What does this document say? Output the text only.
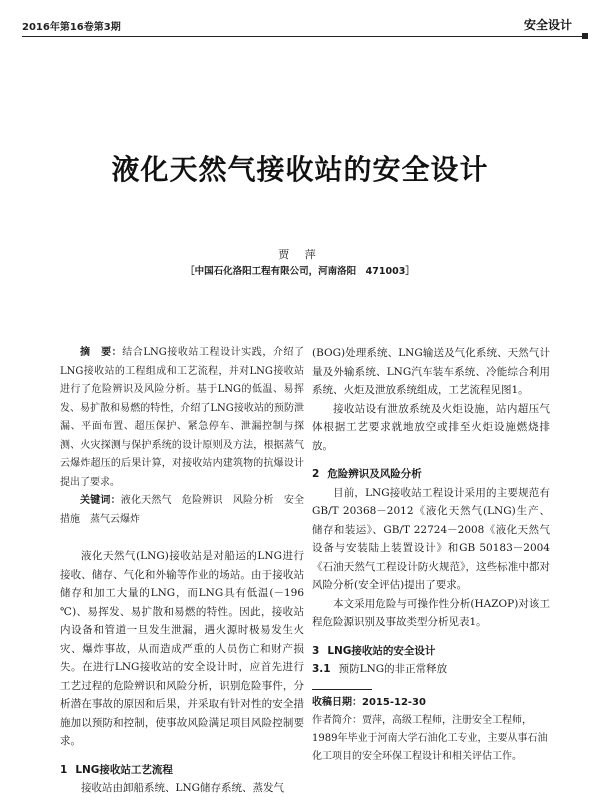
2016年第16卷第3期	安全设计
液化天然气接收站的安全设计
贾 萍
［中国石化洛阳工程有限公司，河南洛阳　471003］

摘　要：结合LNG接收站工程设计实践，介绍了LNG接收站的工程组成和工艺流程，并对LNG接收站进行了危险辨识及风险分析。基于LNG的低温、易挥发、易扩散和易燃的特性，介绍了LNG接收站的预防泄漏、平面布置、超压保护、紧急停车、泄漏控制与探测、火灾探测与保护系统的设计原则及方法，根据蒸气云爆炸超压的后果计算，对接收站内建筑物的抗爆设计提出了要求。

关键词：液化天然气　危险辨识　风险分析　安全措施　蒸气云爆炸

液化天然气(LNG)接收站是对船运的LNG进行接收、储存、气化和外输等作业的场站。由于接收站储存和加工大量的LNG，而LNG具有低温(－196 ℃)、易挥发、易扩散和易燃的特性。因此，接收站内设备和管道一旦发生泄漏，遇火源时极易发生火灾、爆炸事故，从而造成严重的人员伤亡和财产损失。在进行LNG接收站的安全设计时，应首先进行工艺过程的危险辨识和风险分析，识别危险事件，分析潜在事故的原因和后果，并采取有针对性的安全措施加以预防和控制，使事故风险满足项目风险控制要求。

1 LNG接收站工艺流程

接收站由卸船系统、LNG储存系统、蒸发气

(BOG)处理系统、LNG输送及气化系统、天然气计量及外输系统、LNG汽车装车系统、冷能综合利用系统、火炬及泄放系统组成，工艺流程见图1。

接收站设有泄放系统及火炬设施，站内超压气体根据工艺要求就地放空或排至火炬设施燃烧排放。

2 危险辨识及风险分析

目前，LNG接收站工程设计采用的主要规范有GB/T 20368－2012《液化天然气(LNG)生产、储存和装运》、GB/T 22724－2008《液化天然气设备与安装陆上装置设计》和GB 50183－2004《石油天然气工程设计防火规范》，这些标准中都对风险分析(安全评估)提出了要求。

本文采用危险与可操作性分析(HAZOP)对该工程危险源识别及事故类型分析见表1。

3 LNG接收站的安全设计

3.1 预防LNG的非正常释放

收稿日期：2015-12-30

作者简介：贾萍，高级工程师，注册安全工程师，1989年毕业于河南大学石油化工专业，主要从事石油化工项目的安全环保工程设计和相关评估工作。
